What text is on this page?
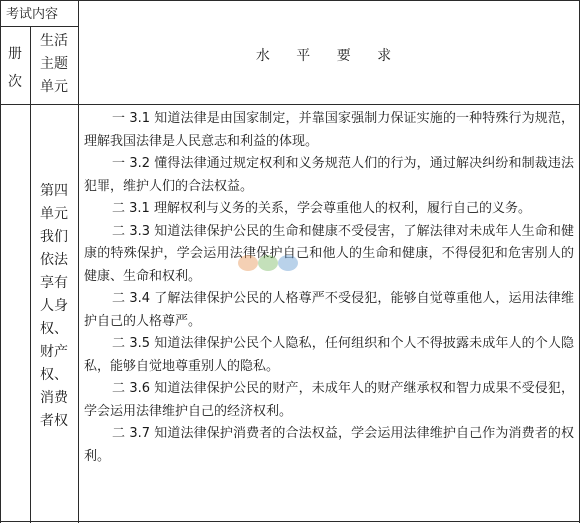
考试内容
册
次
生活
主题
单元
水 平 要 求
第四
单元
我们
依法
享有
人身
权、
财产
权、
消费
者权

一 3.1 知道法律是由国家制定，并靠国家强制力保证实施的一种特殊行为规范，理解我国法律是人民意志和利益的体现。

一 3.2 懂得法律通过规定权利和义务规范人们的行为，通过解决纠纷和制裁违法犯罪，维护人们的合法权益。

二 3.1 理解权利与义务的关系，学会尊重他人的权利，履行自己的义务。

二 3.3 知道法律保护公民的生命和健康不受侵害，了解法律对未成年人生命和健康的特殊保护，学会运用法律保护自己和他人的生命和健康，不得侵犯和危害别人的健康、生命和权利。

二 3.4 了解法律保护公民的人格尊严不受侵犯，能够自觉尊重他人，运用法律维护自己的人格尊严。

二 3.5 知道法律保护公民个人隐私，任何组织和个人不得披露未成年人的个人隐私，能够自觉地尊重别人的隐私。

二 3.6 知道法律保护公民的财产，未成年人的财产继承权和智力成果不受侵犯，学会运用法律维护自己的经济权利。

二 3.7 知道法律保护消费者的合法权益，学会运用法律维护自己作为消费者的权利。
